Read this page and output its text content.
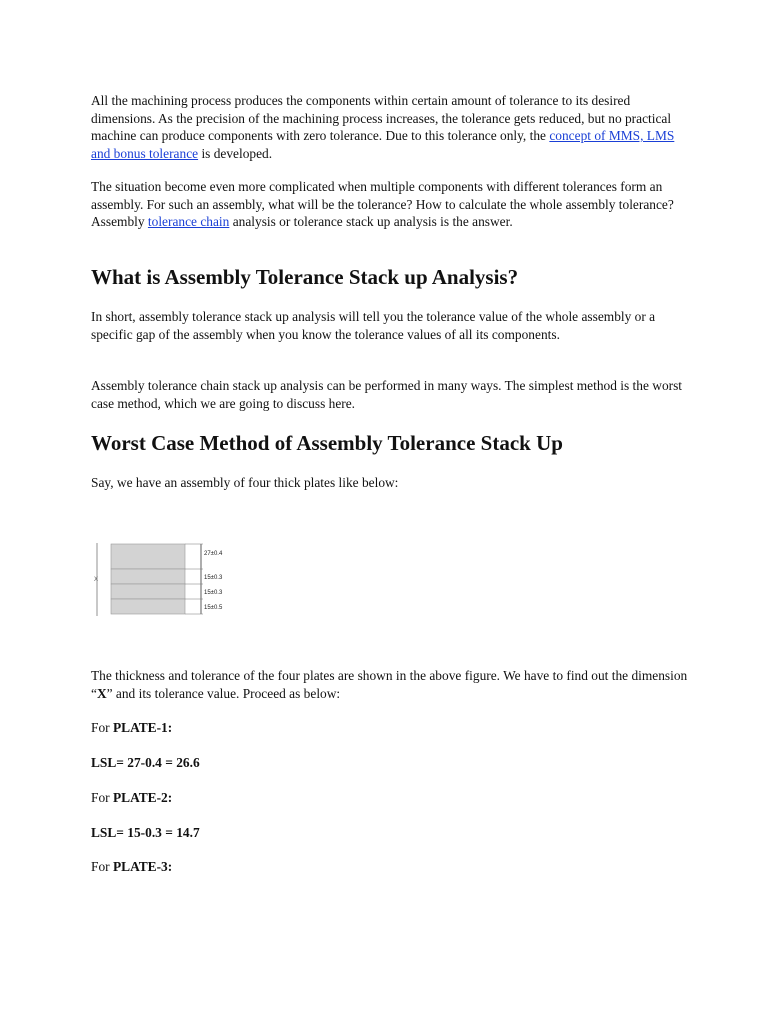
All the machining process produces the components within certain amount of tolerance to its desired dimensions. As the precision of the machining process increases, the tolerance gets reduced, but no practical machine can produce components with zero tolerance. Due to this tolerance only, the concept of MMS, LMS and bonus tolerance is developed.

The situation become even more complicated when multiple components with different tolerances form an assembly. For such an assembly, what will be the tolerance? How to calculate the whole assembly tolerance? Assembly tolerance chain analysis or tolerance stack up analysis is the answer.

What is Assembly Tolerance Stack up Analysis?

In short, assembly tolerance stack up analysis will tell you the tolerance value of the whole assembly or a specific gap of the assembly when you know the tolerance values of all its components.

Assembly tolerance chain stack up analysis can be performed in many ways. The simplest method is the worst case method, which we are going to discuss here.

Worst Case Method of Assembly Tolerance Stack Up

Say, we have an assembly of four thick plates like below:

X
27±0.4
15±0.3
15±0.3
15±0.5

The thickness and tolerance of the four plates are shown in the above figure. We have to find out the dimension “X” and its tolerance value. Proceed as below:

For PLATE-1:

LSL= 27-0.4 = 26.6

For PLATE-2:

LSL= 15-0.3 = 14.7

For PLATE-3:
